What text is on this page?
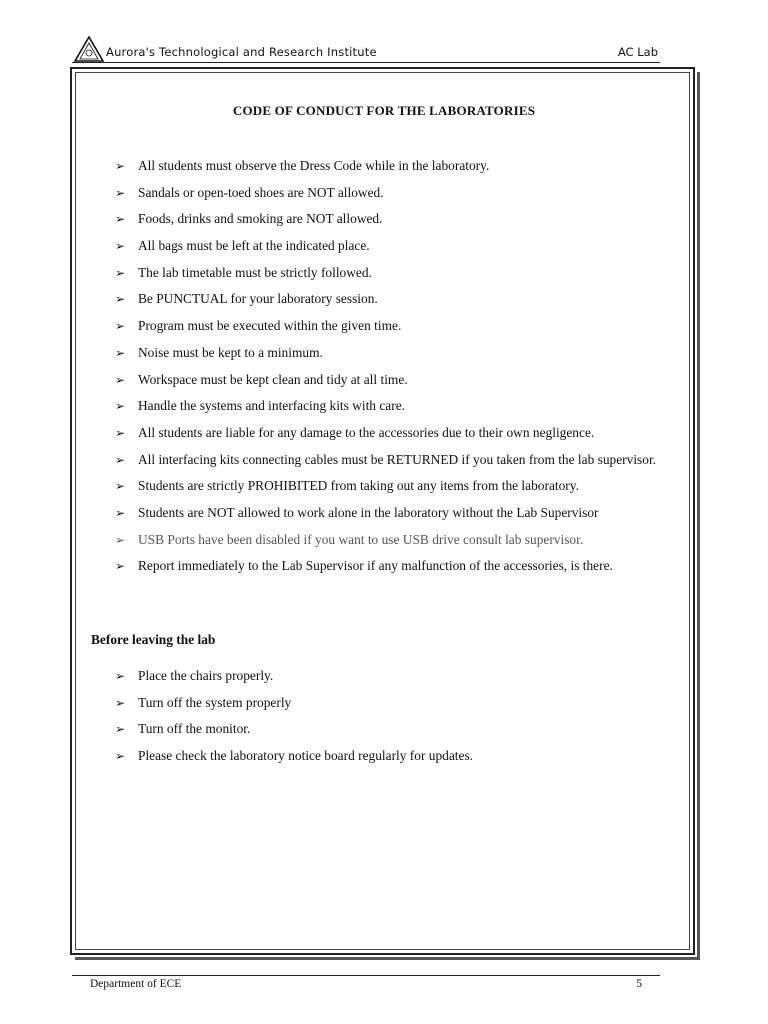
Aurora's Technological and Research Institute	AC Lab
CODE OF CONDUCT FOR THE LABORATORIES
➢ All students must observe the Dress Code while in the laboratory.
➢ Sandals or open-toed shoes are NOT allowed.
➢ Foods, drinks and smoking are NOT allowed.
➢ All bags must be left at the indicated place.
➢ The lab timetable must be strictly followed.
➢ Be PUNCTUAL for your laboratory session.
➢ Program must be executed within the given time.
➢ Noise must be kept to a minimum.
➢ Workspace must be kept clean and tidy at all time.
➢ Handle the systems and interfacing kits with care.
➢ All students are liable for any damage to the accessories due to their own negligence.
➢ All interfacing kits connecting cables must be RETURNED if you taken from the lab supervisor.
➢ Students are strictly PROHIBITED from taking out any items from the laboratory.
➢ Students are NOT allowed to work alone in the laboratory without the Lab Supervisor
➢ USB Ports have been disabled if you want to use USB drive consult lab supervisor.
➢ Report immediately to the Lab Supervisor if any malfunction of the accessories, is there.
Before leaving the lab
➢ Place the chairs properly.
➢ Turn off the system properly
➢ Turn off the monitor.
➢ Please check the laboratory notice board regularly for updates.
Department of ECE	5
